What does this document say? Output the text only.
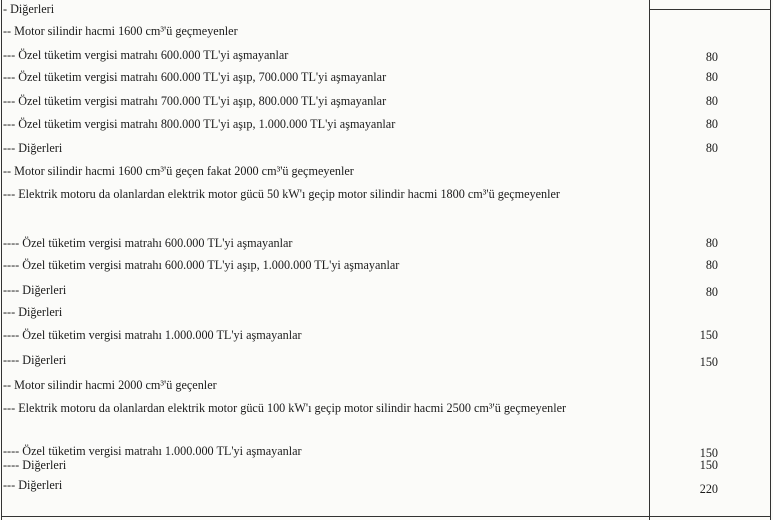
- Diğerleri
-- Motor silindir hacmi 1600 cm³'ü geçmeyenler
--- Özel tüketim vergisi matrahı 600.000 TL'yi aşmayanlar	80
--- Özel tüketim vergisi matrahı 600.000 TL'yi aşıp, 700.000 TL'yi aşmayanlar	80
--- Özel tüketim vergisi matrahı 700.000 TL'yi aşıp, 800.000 TL'yi aşmayanlar	80
--- Özel tüketim vergisi matrahı 800.000 TL'yi aşıp, 1.000.000 TL'yi aşmayanlar	80
--- Diğerleri	80
-- Motor silindir hacmi 1600 cm³'ü geçen fakat 2000 cm³'ü geçmeyenler
--- Elektrik motoru da olanlardan elektrik motor gücü 50 kW'ı geçip motor silindir hacmi 1800 cm³'ü geçmeyenler
---- Özel tüketim vergisi matrahı 600.000 TL'yi aşmayanlar	80
---- Özel tüketim vergisi matrahı 600.000 TL'yi aşıp, 1.000.000 TL'yi aşmayanlar	80
---- Diğerleri	80
--- Diğerleri
---- Özel tüketim vergisi matrahı 1.000.000 TL'yi aşmayanlar	150
---- Diğerleri	150
-- Motor silindir hacmi 2000 cm³'ü geçenler
--- Elektrik motoru da olanlardan elektrik motor gücü 100 kW'ı geçip motor silindir hacmi 2500 cm³'ü geçmeyenler
---- Özel tüketim vergisi matrahı 1.000.000 TL'yi aşmayanlar	150
---- Diğerleri	150
--- Diğerleri	220
